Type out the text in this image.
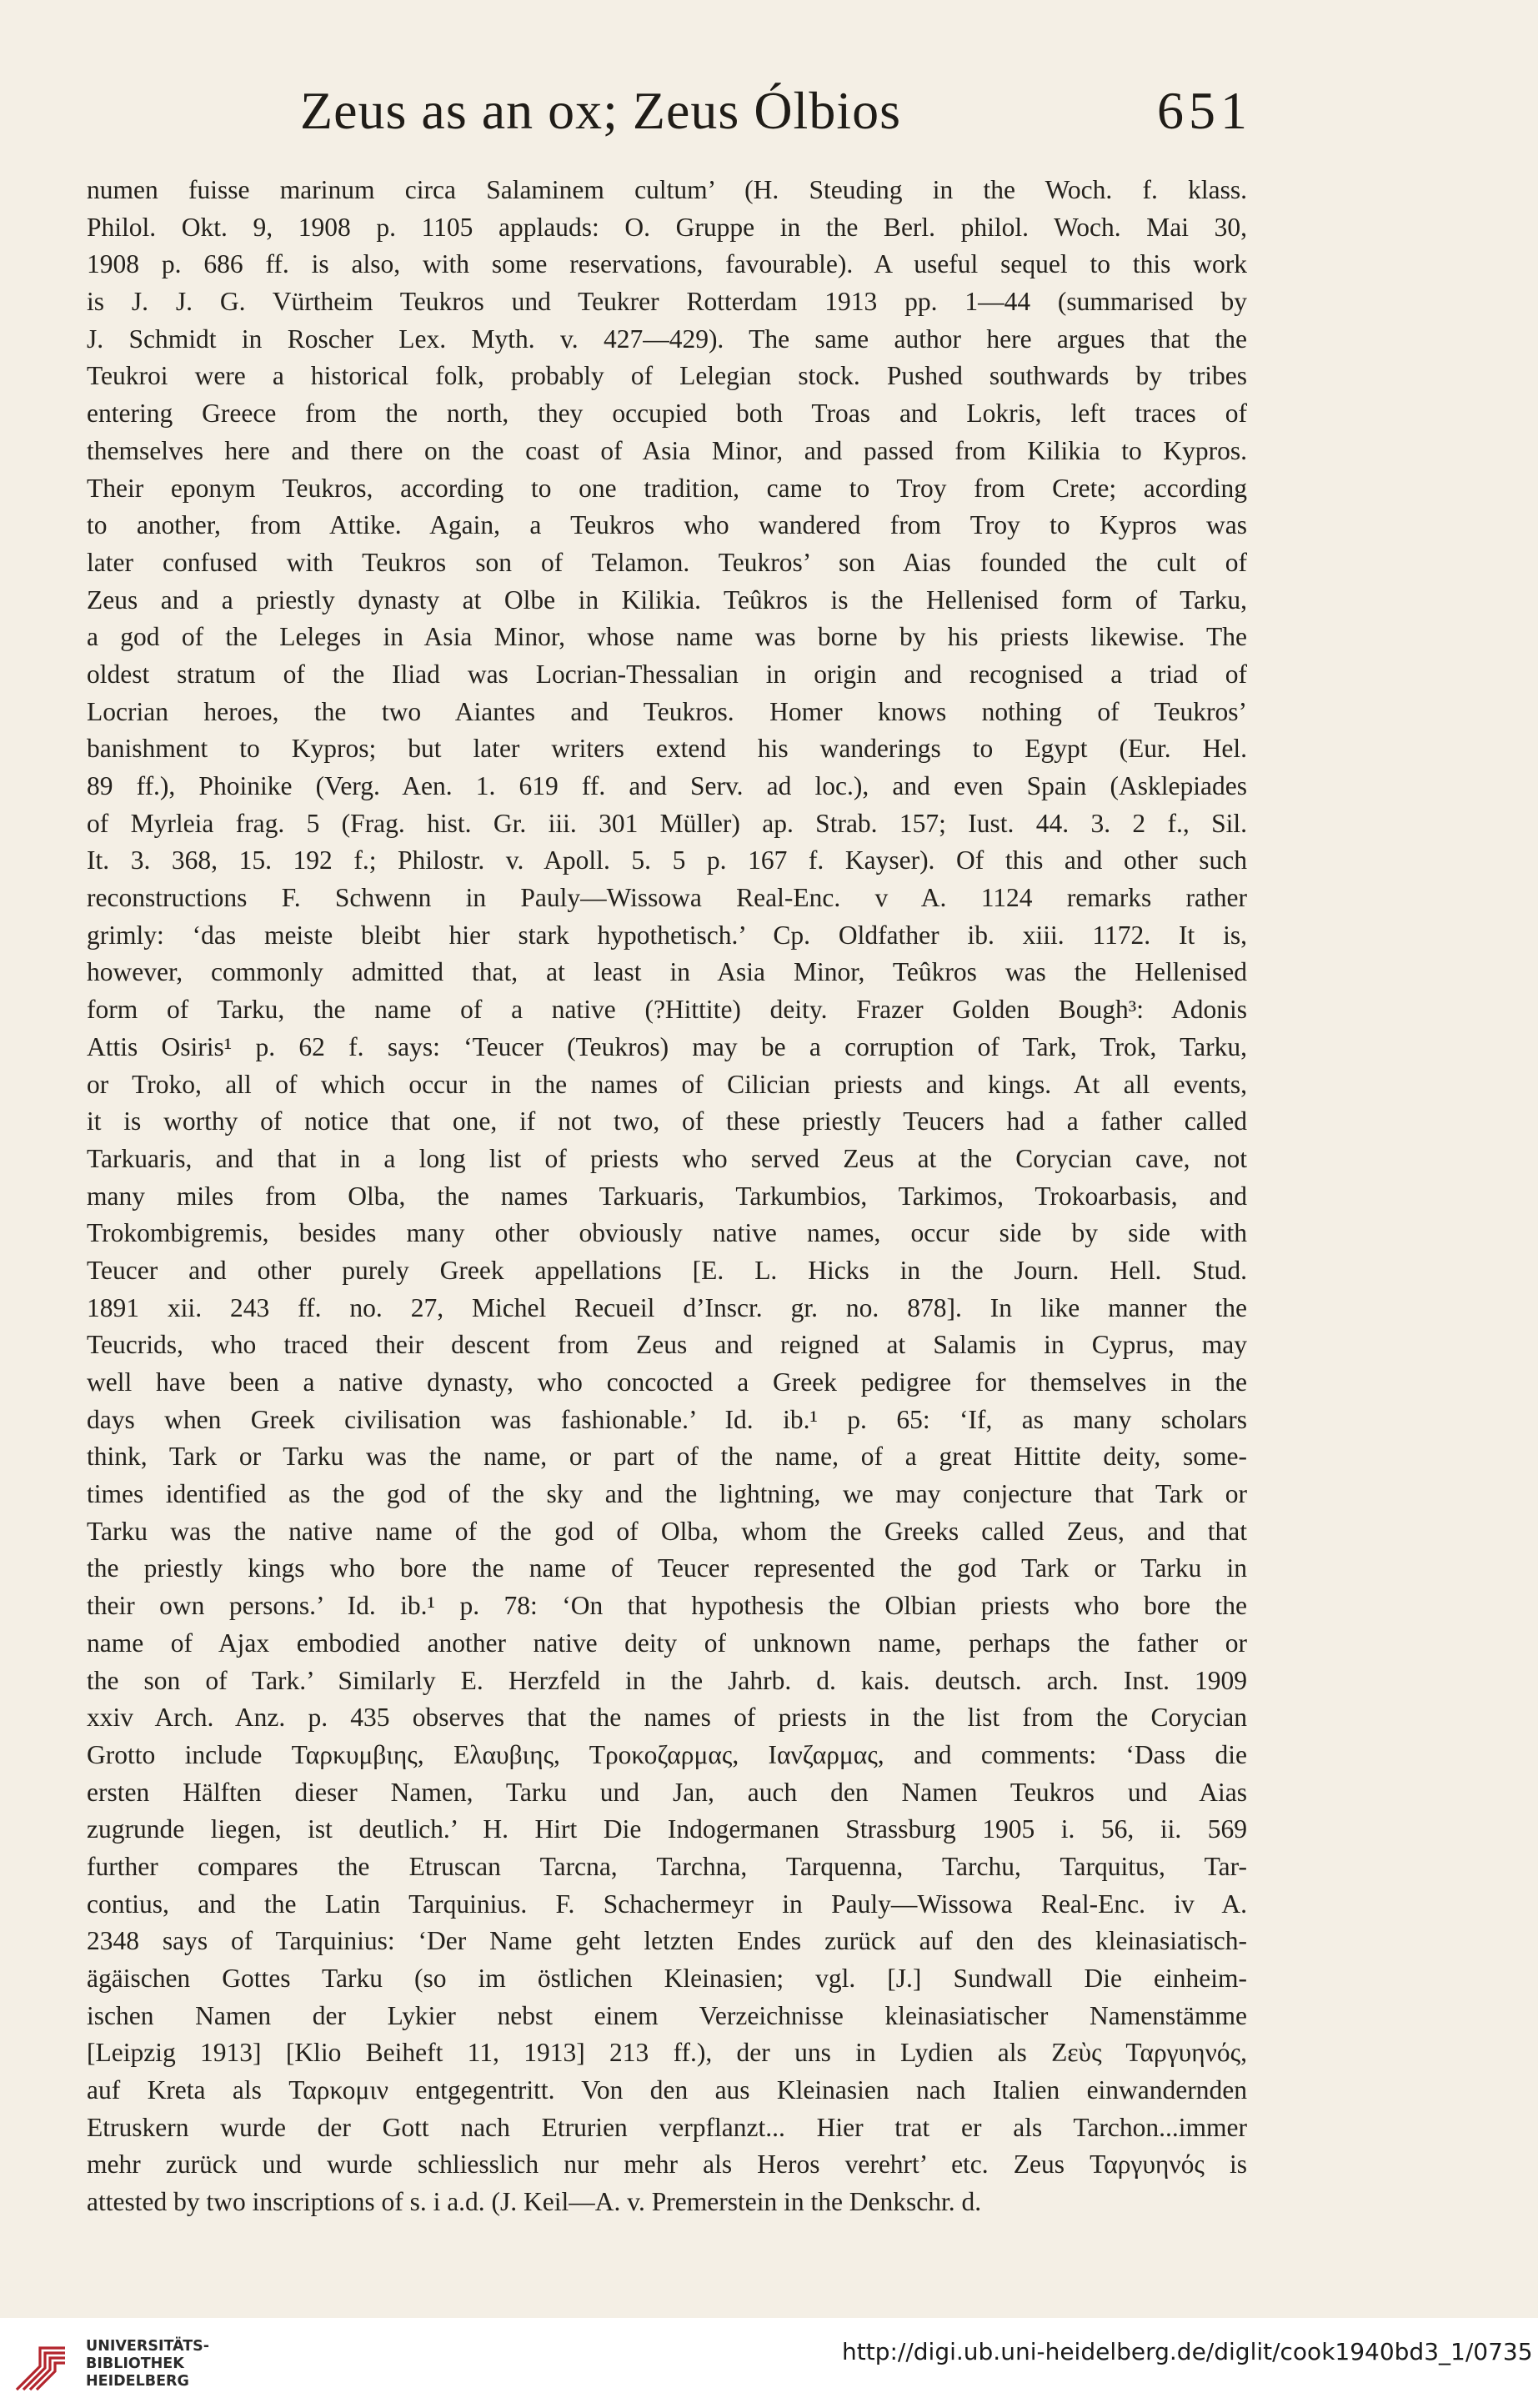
Zeus as an ox; Zeus Ólbios	651
numen fuisse marinum circa Salaminem cultum’ (H. Steuding in the Woch. f. klass.
Philol. Okt. 9, 1908 p. 1105 applauds: O. Gruppe in the Berl. philol. Woch. Mai 30,
1908 p. 686 ff. is also, with some reservations, favourable). A useful sequel to this work
is J. J. G. Vürtheim Teukros und Teukrer Rotterdam 1913 pp. 1—44 (summarised by
J. Schmidt in Roscher Lex. Myth. v. 427—429). The same author here argues that the
Teukroi were a historical folk, probably of Lelegian stock. Pushed southwards by tribes
entering Greece from the north, they occupied both Troas and Lokris, left traces of
themselves here and there on the coast of Asia Minor, and passed from Kilikia to Kypros.
Their eponym Teukros, according to one tradition, came to Troy from Crete; according
to another, from Attike. Again, a Teukros who wandered from Troy to Kypros was
later confused with Teukros son of Telamon. Teukros’ son Aias founded the cult of
Zeus and a priestly dynasty at Olbe in Kilikia. Teûkros is the Hellenised form of Tarku,
a god of the Leleges in Asia Minor, whose name was borne by his priests likewise. The
oldest stratum of the Iliad was Locrian-Thessalian in origin and recognised a triad of
Locrian heroes, the two Aiantes and Teukros. Homer knows nothing of Teukros’
banishment to Kypros; but later writers extend his wanderings to Egypt (Eur. Hel.
89 ff.), Phoinike (Verg. Aen. 1. 619 ff. and Serv. ad loc.), and even Spain (Asklepiades
of Myrleia frag. 5 (Frag. hist. Gr. iii. 301 Müller) ap. Strab. 157; Iust. 44. 3. 2 f., Sil.
It. 3. 368, 15. 192 f.; Philostr. v. Apoll. 5. 5 p. 167 f. Kayser). Of this and other such
reconstructions F. Schwenn in Pauly—Wissowa Real-Enc. v A. 1124 remarks rather
grimly: ‘das meiste bleibt hier stark hypothetisch.’ Cp. Oldfather ib. xiii. 1172. It is,
however, commonly admitted that, at least in Asia Minor, Teûkros was the Hellenised
form of Tarku, the name of a native (?Hittite) deity. Frazer Golden Bough³: Adonis
Attis Osiris¹ p. 62 f. says: ‘Teucer (Teukros) may be a corruption of Tark, Trok, Tarku,
or Troko, all of which occur in the names of Cilician priests and kings. At all events,
it is worthy of notice that one, if not two, of these priestly Teucers had a father called
Tarkuaris, and that in a long list of priests who served Zeus at the Corycian cave, not
many miles from Olba, the names Tarkuaris, Tarkumbios, Tarkimos, Trokoarbasis, and
Trokombigremis, besides many other obviously native names, occur side by side with
Teucer and other purely Greek appellations [E. L. Hicks in the Journ. Hell. Stud.
1891 xii. 243 ff. no. 27, Michel Recueil d’Inscr. gr. no. 878]. In like manner the
Teucrids, who traced their descent from Zeus and reigned at Salamis in Cyprus, may
well have been a native dynasty, who concocted a Greek pedigree for themselves in the
days when Greek civilisation was fashionable.’ Id. ib.¹ p. 65: ‘If, as many scholars
think, Tark or Tarku was the name, or part of the name, of a great Hittite deity, some-
times identified as the god of the sky and the lightning, we may conjecture that Tark or
Tarku was the native name of the god of Olba, whom the Greeks called Zeus, and that
the priestly kings who bore the name of Teucer represented the god Tark or Tarku in
their own persons.’ Id. ib.¹ p. 78: ‘On that hypothesis the Olbian priests who bore the
name of Ajax embodied another native deity of unknown name, perhaps the father or
the son of Tark.’ Similarly E. Herzfeld in the Jahrb. d. kais. deutsch. arch. Inst. 1909
xxiv Arch. Anz. p. 435 observes that the names of priests in the list from the Corycian
Grotto include Ταρκυμβιης, Ελαυβιης, Τροκοζαρμας, Ιανζαρμας, and comments: ‘Dass die
ersten Hälften dieser Namen, Tarku und Jan, auch den Namen Teukros und Aias
zugrunde liegen, ist deutlich.’ H. Hirt Die Indogermanen Strassburg 1905 i. 56, ii. 569
further compares the Etruscan Tarcna, Tarchna, Tarquenna, Tarchu, Tarquitus, Tar-
contius, and the Latin Tarquinius. F. Schachermeyr in Pauly—Wissowa Real-Enc. iv A.
2348 says of Tarquinius: ‘Der Name geht letzten Endes zurück auf den des kleinasiatisch-
ägäischen Gottes Tarku (so im östlichen Kleinasien; vgl. [J.] Sundwall Die einheim-
ischen Namen der Lykier nebst einem Verzeichnisse kleinasiatischer Namenstämme
[Leipzig 1913] [Klio Beiheft 11, 1913] 213 ff.), der uns in Lydien als Ζεὺς Ταργυηνός,
auf Kreta als Ταρκομιν entgegentritt. Von den aus Kleinasien nach Italien einwandernden
Etruskern wurde der Gott nach Etrurien verpflanzt... Hier trat er als Tarchon...immer
mehr zurück und wurde schliesslich nur mehr als Heros verehrt’ etc. Zeus Ταργυηνός is
attested by two inscriptions of s. i a.d. (J. Keil—A. v. Premerstein in the Denkschr. d.
UNIVERSITÄTS-
BIBLIOTHEK
HEIDELBERG
http://digi.ub.uni-heidelberg.de/diglit/cook1940bd3_1/0735
